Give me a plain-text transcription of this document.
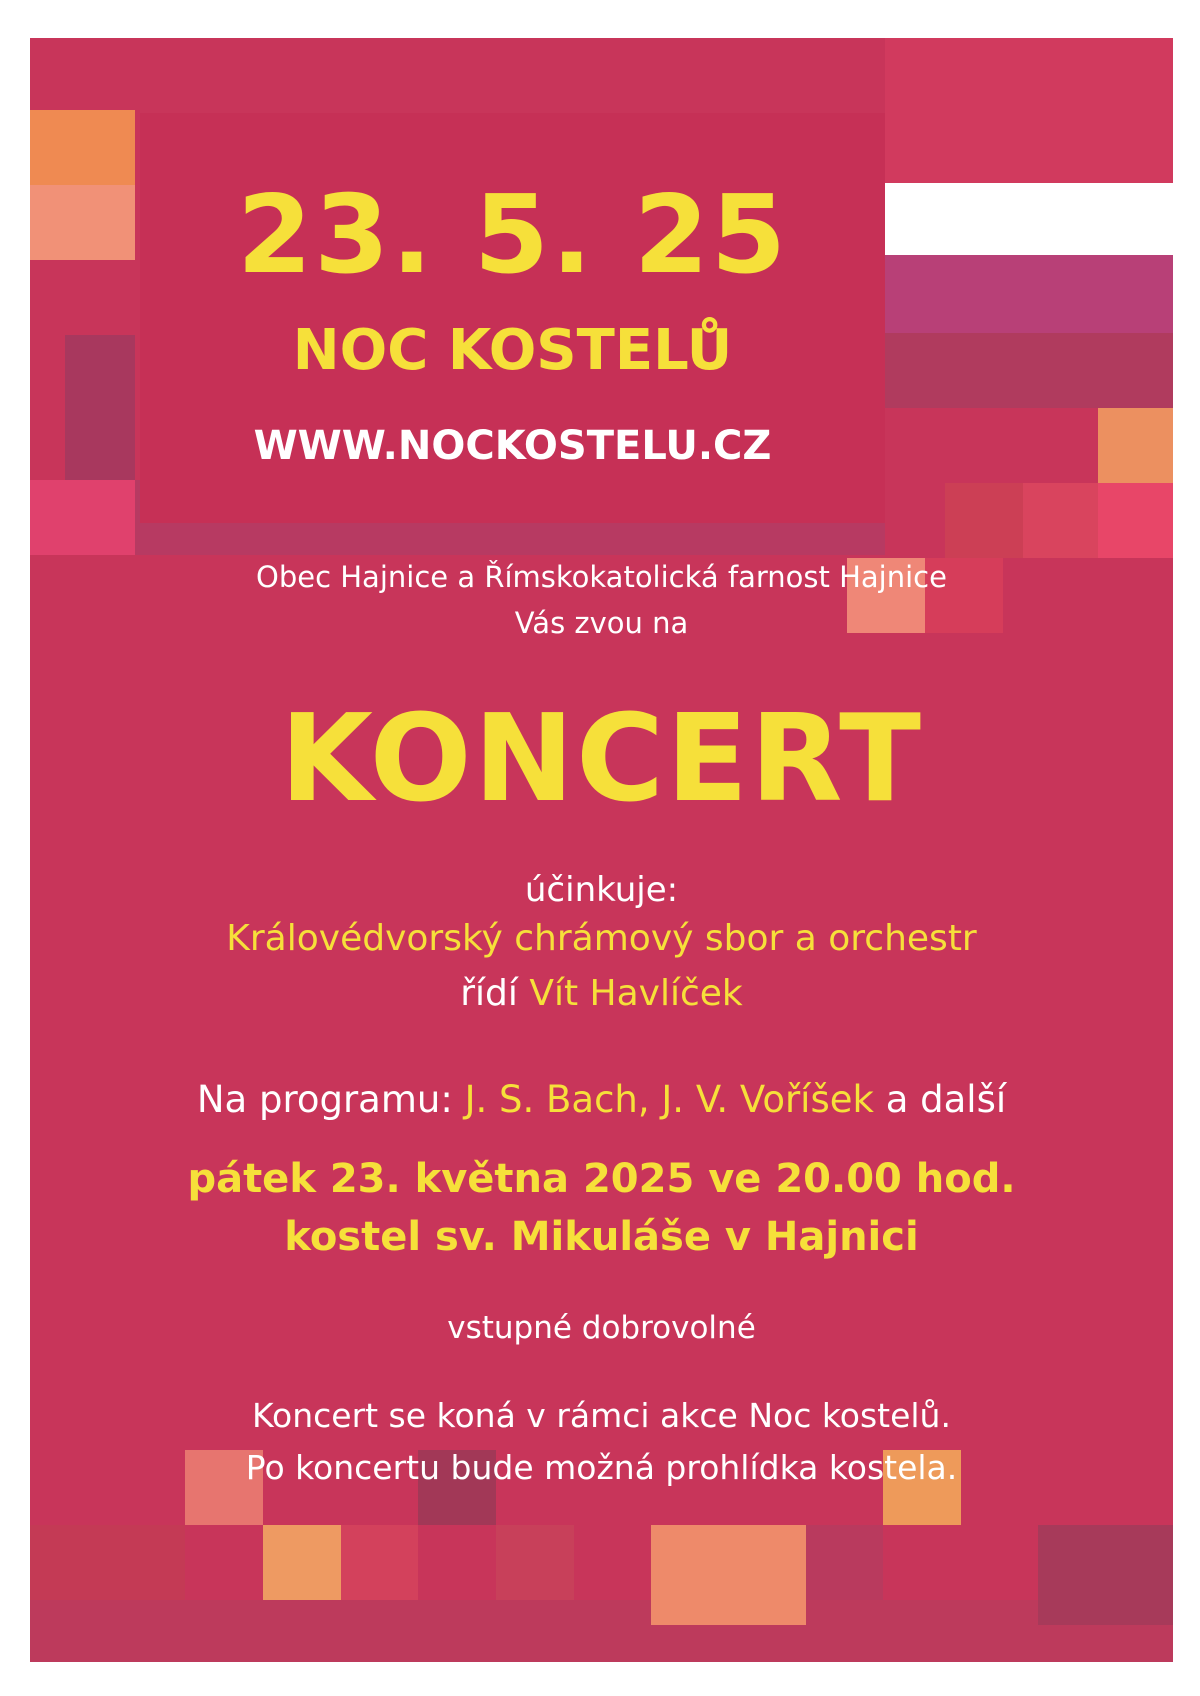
23. 5. 25
NOC KOSTELŮ
WWW.NOCKOSTELU.CZ
Obec Hajnice a Římskokatolická farnost Hajnice
Vás zvou na
KONCERT
účinkuje:
Královédvorský chrámový sbor a orchestr
řídí Vít Havlíček
Na programu: J. S. Bach, J. V. Voříšek a další
pátek 23. května 2025 ve 20.00 hod.
kostel sv. Mikuláše v Hajnici
vstupné dobrovolné
Koncert se koná v rámci akce Noc kostelů.
Po koncertu bude možná prohlídka kostela.
